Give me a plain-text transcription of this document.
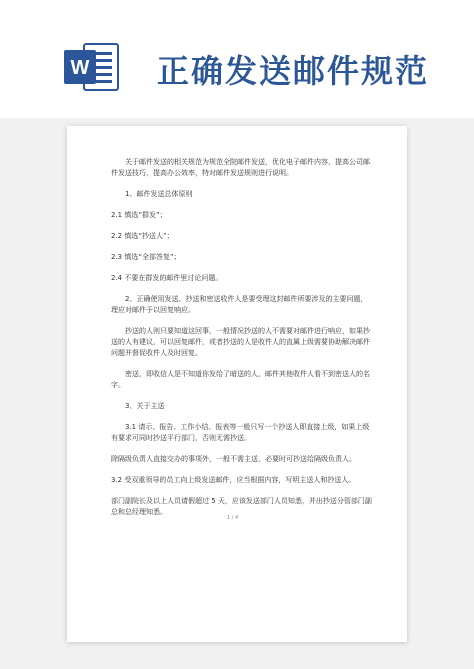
W 正确发送邮件规范

关于邮件发送的相关规范为规范全院邮件发送，优化电子邮件内容，提高公司邮件发送技巧，提高办公效率，特对邮件发送规则进行说明。

1、邮件发送总体原则

2.1 慎选“群发”；

2.2 慎选“抄送人”；

2.3 慎选“全部答复”；

2.4 不要在群发的邮件里讨论问题。

2、正确使用发送、抄送和密送收件人是要受理这封邮件所要涉及的主要问题，理应对邮件予以回复响应。

抄送的人则只要知道这回事，一般情况抄送的人不需要对邮件进行响应，如果抄送的人有建议，可以回复邮件，或者抄送的人是收件人的直属上级需要协助解决邮件问题并督促收件人及时回复。

密送，即收信人是不知道你发给了暗送的人，邮件其他收件人看不到密送人的名字。

3、关于主送

3.1 请示、报告、工作小结、报表等一般只写一个抄送人即直接上级，如果上级有要求可同时抄送平行部门，否则无需抄送。

除隔级负责人直接交办的事项外，一般不需主送，必要时可抄送给隔级负责人。

3.2 受双重领导的员工向上级发送邮件，应当根据内容，写明主送人和抄送人。

部门副院长及以上人员请假超过 5 天，应该发送部门人员知悉，并出抄送分管部门副总和总经理知悉。

1 / 4
